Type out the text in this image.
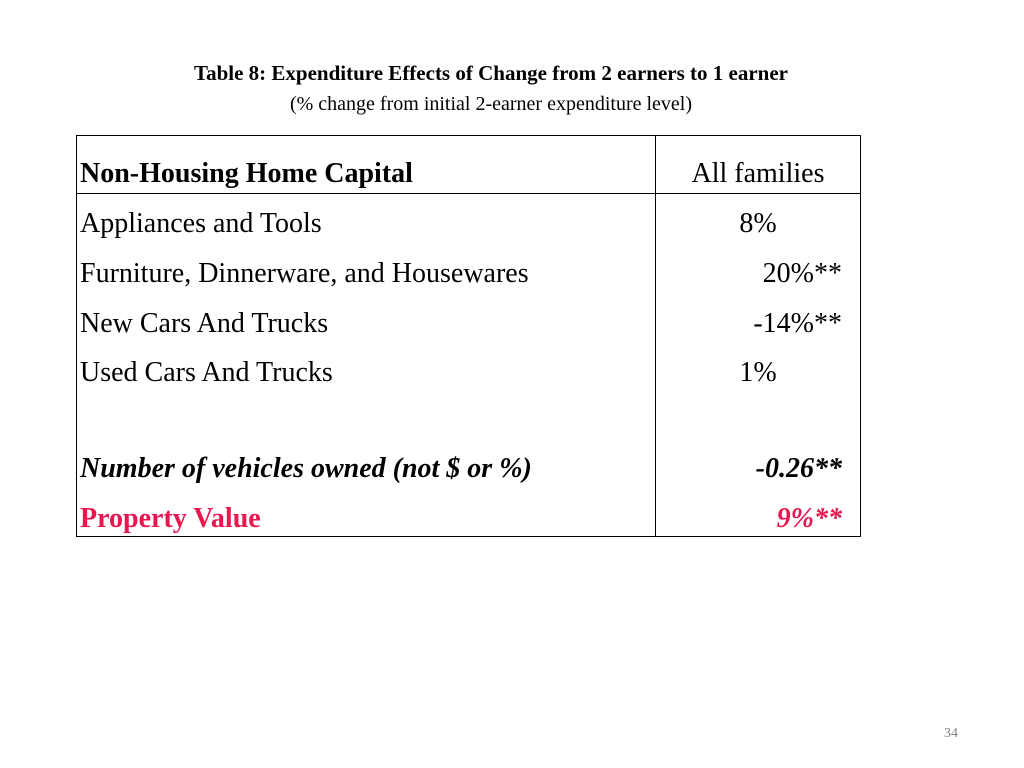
Table 8: Expenditure Effects of Change from 2 earners to 1 earner
(% change from initial 2-earner expenditure level)
Non-Housing Home Capital	All families
Appliances and Tools	8%
Furniture, Dinnerware, and Housewares	20%**
New Cars And Trucks	-14%**
Used Cars And Trucks	1%
Number of vehicles owned (not $ or %)	-0.26**
Property Value	9%**
34
